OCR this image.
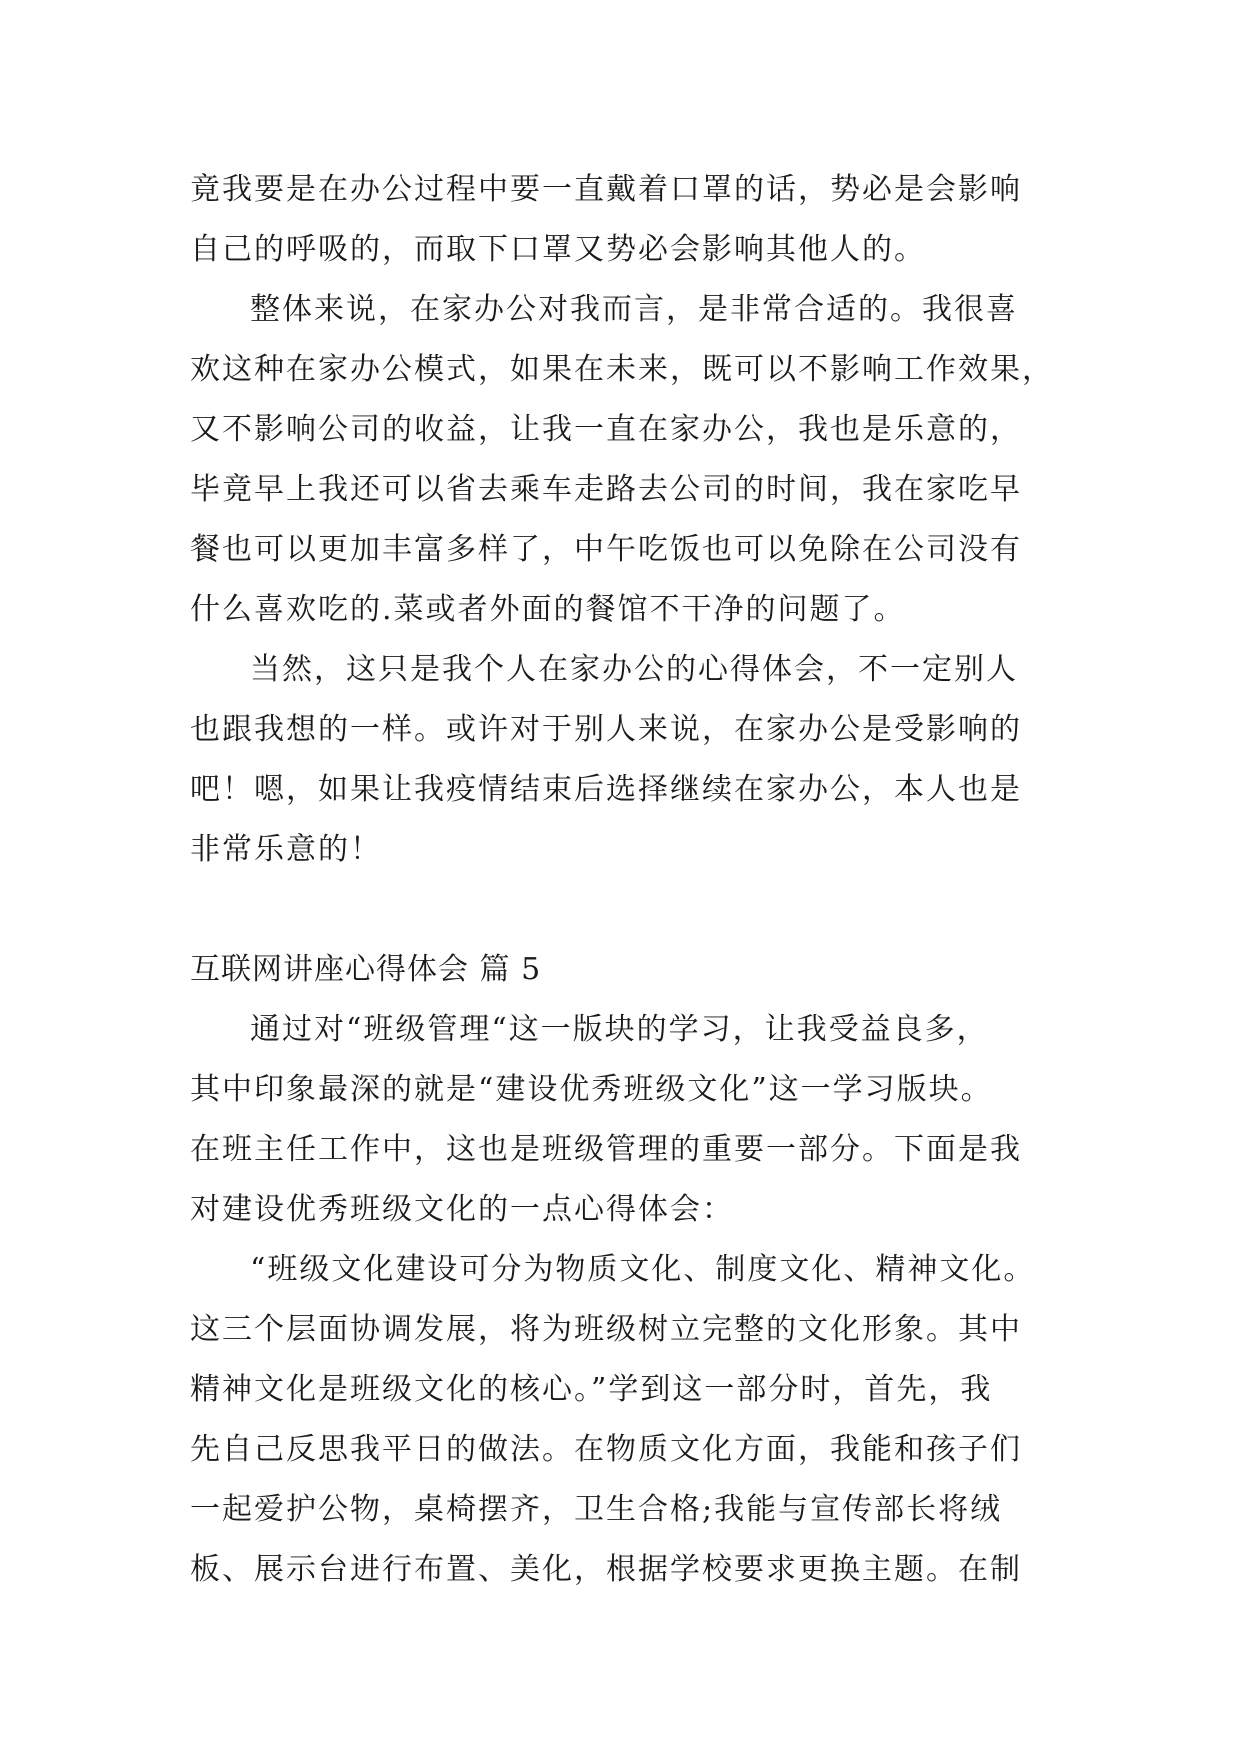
竟我要是在办公过程中要一直戴着口罩的话，势必是会影响
自己的呼吸的，而取下口罩又势必会影响其他人的。
整体来说，在家办公对我而言，是非常合适的。我很喜
欢这种在家办公模式，如果在未来，既可以不影响工作效果，
又不影响公司的收益，让我一直在家办公，我也是乐意的，
毕竟早上我还可以省去乘车走路去公司的时间，我在家吃早
餐也可以更加丰富多样了，中午吃饭也可以免除在公司没有
什么喜欢吃的.菜或者外面的餐馆不干净的问题了。
当然，这只是我个人在家办公的心得体会，不一定别人
也跟我想的一样。或许对于别人来说，在家办公是受影响的
吧！嗯，如果让我疫情结束后选择继续在家办公，本人也是
非常乐意的！
互联网讲座心得体会 篇 5
通过对“班级管理“这一版块的学习，让我受益良多，
其中印象最深的就是“建设优秀班级文化”这一学习版块。
在班主任工作中，这也是班级管理的重要一部分。下面是我
对建设优秀班级文化的一点心得体会：
“班级文化建设可分为物质文化、制度文化、精神文化。
这三个层面协调发展，将为班级树立完整的文化形象。其中
精神文化是班级文化的核心。”学到这一部分时，首先，我
先自己反思我平日的做法。在物质文化方面，我能和孩子们
一起爱护公物，桌椅摆齐，卫生合格;我能与宣传部长将绒
板、展示台进行布置、美化，根据学校要求更换主题。在制
